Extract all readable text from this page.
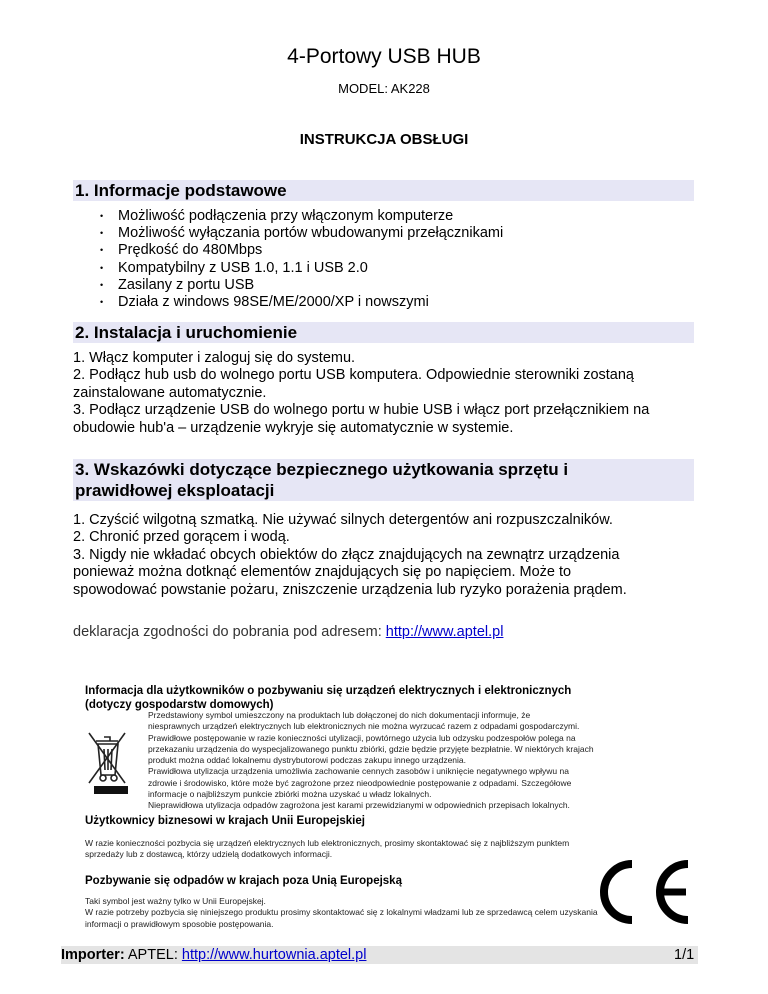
4-Portowy USB HUB
MODEL: AK228
INSTRUKCJA OBSŁUGI
1. Informacje podstawowe
• Możliwość podłączenia przy włączonym komputerze
• Możliwość wyłączania portów wbudowanymi przełącznikami
• Prędkość do 480Mbps
• Kompatybilny z USB 1.0, 1.1 i USB 2.0
• Zasilany z portu USB
• Działa z windows 98SE/ME/2000/XP i nowszymi
2. Instalacja i uruchomienie
1. Włącz komputer i zaloguj się do systemu.
2. Podłącz hub usb do wolnego portu USB komputera. Odpowiednie sterowniki zostaną
zainstalowane automatycznie.
3. Podłącz urządzenie USB do wolnego portu w hubie USB i włącz port przełącznikiem na
obudowie hub'a – urządzenie wykryje się automatycznie w systemie.
3. Wskazówki dotyczące bezpiecznego użytkowania sprzętu i
prawidłowej eksploatacji
1. Czyścić wilgotną szmatką. Nie używać silnych detergentów ani rozpuszczalników.
2. Chronić przed gorącem i wodą.
3. Nigdy nie wkładać obcych obiektów do złącz znajdujących na zewnątrz urządzenia
ponieważ można dotknąć elementów znajdujących się po napięciem. Może to
spowodować powstanie pożaru, zniszczenie urządzenia lub ryzyko porażenia prądem.
deklaracja zgodności do pobrania pod adresem: http://www.aptel.pl
Informacja dla użytkowników o pozbywaniu się urządzeń elektrycznych i elektronicznych
(dotyczy gospodarstw domowych)
Przedstawiony symbol umieszczony na produktach lub dołączonej do nich dokumentacji informuje, że
niesprawnych urządzeń elektrycznych lub elektronicznych nie można wyrzucać razem z odpadami gospodarczymi.
Prawidłowe postępowanie w razie konieczności utylizacji, powtórnego użycia lub odzysku podzespołów polega na
przekazaniu urządzenia do wyspecjalizowanego punktu zbiórki, gdzie będzie przyjęte bezpłatnie. W niektórych krajach
produkt można oddać lokalnemu dystrybutorowi podczas zakupu innego urządzenia.
Prawidłowa utylizacja urządzenia umożliwia zachowanie cennych zasobów i uniknięcie negatywnego wpływu na
zdrowie i środowisko, które może być zagrożone przez nieodpowiednie postępowanie z odpadami. Szczegółowe
informacje o najbliższym punkcie zbiórki można uzyskać u władz lokalnych.
Nieprawidłowa utylizacja odpadów zagrożona jest karami przewidzianymi w odpowiednich przepisach lokalnych.
Użytkownicy biznesowi w krajach Unii Europejskiej
W razie konieczności pozbycia się urządzeń elektrycznych lub elektronicznych, prosimy skontaktować się z najbliższym punktem
sprzedaży lub z dostawcą, którzy udzielą dodatkowych informacji.
Pozbywanie się odpadów w krajach poza Unią Europejską
Taki symbol jest ważny tylko w Unii Europejskej.
W razie potrzeby pozbycia się niniejszego produktu prosimy skontaktować się z lokalnymi władzami lub ze sprzedawcą celem uzyskania
informacji o prawidłowym sposobie postępowania.
Importer: APTEL: http://www.hurtownia.aptel.pl	1/1
